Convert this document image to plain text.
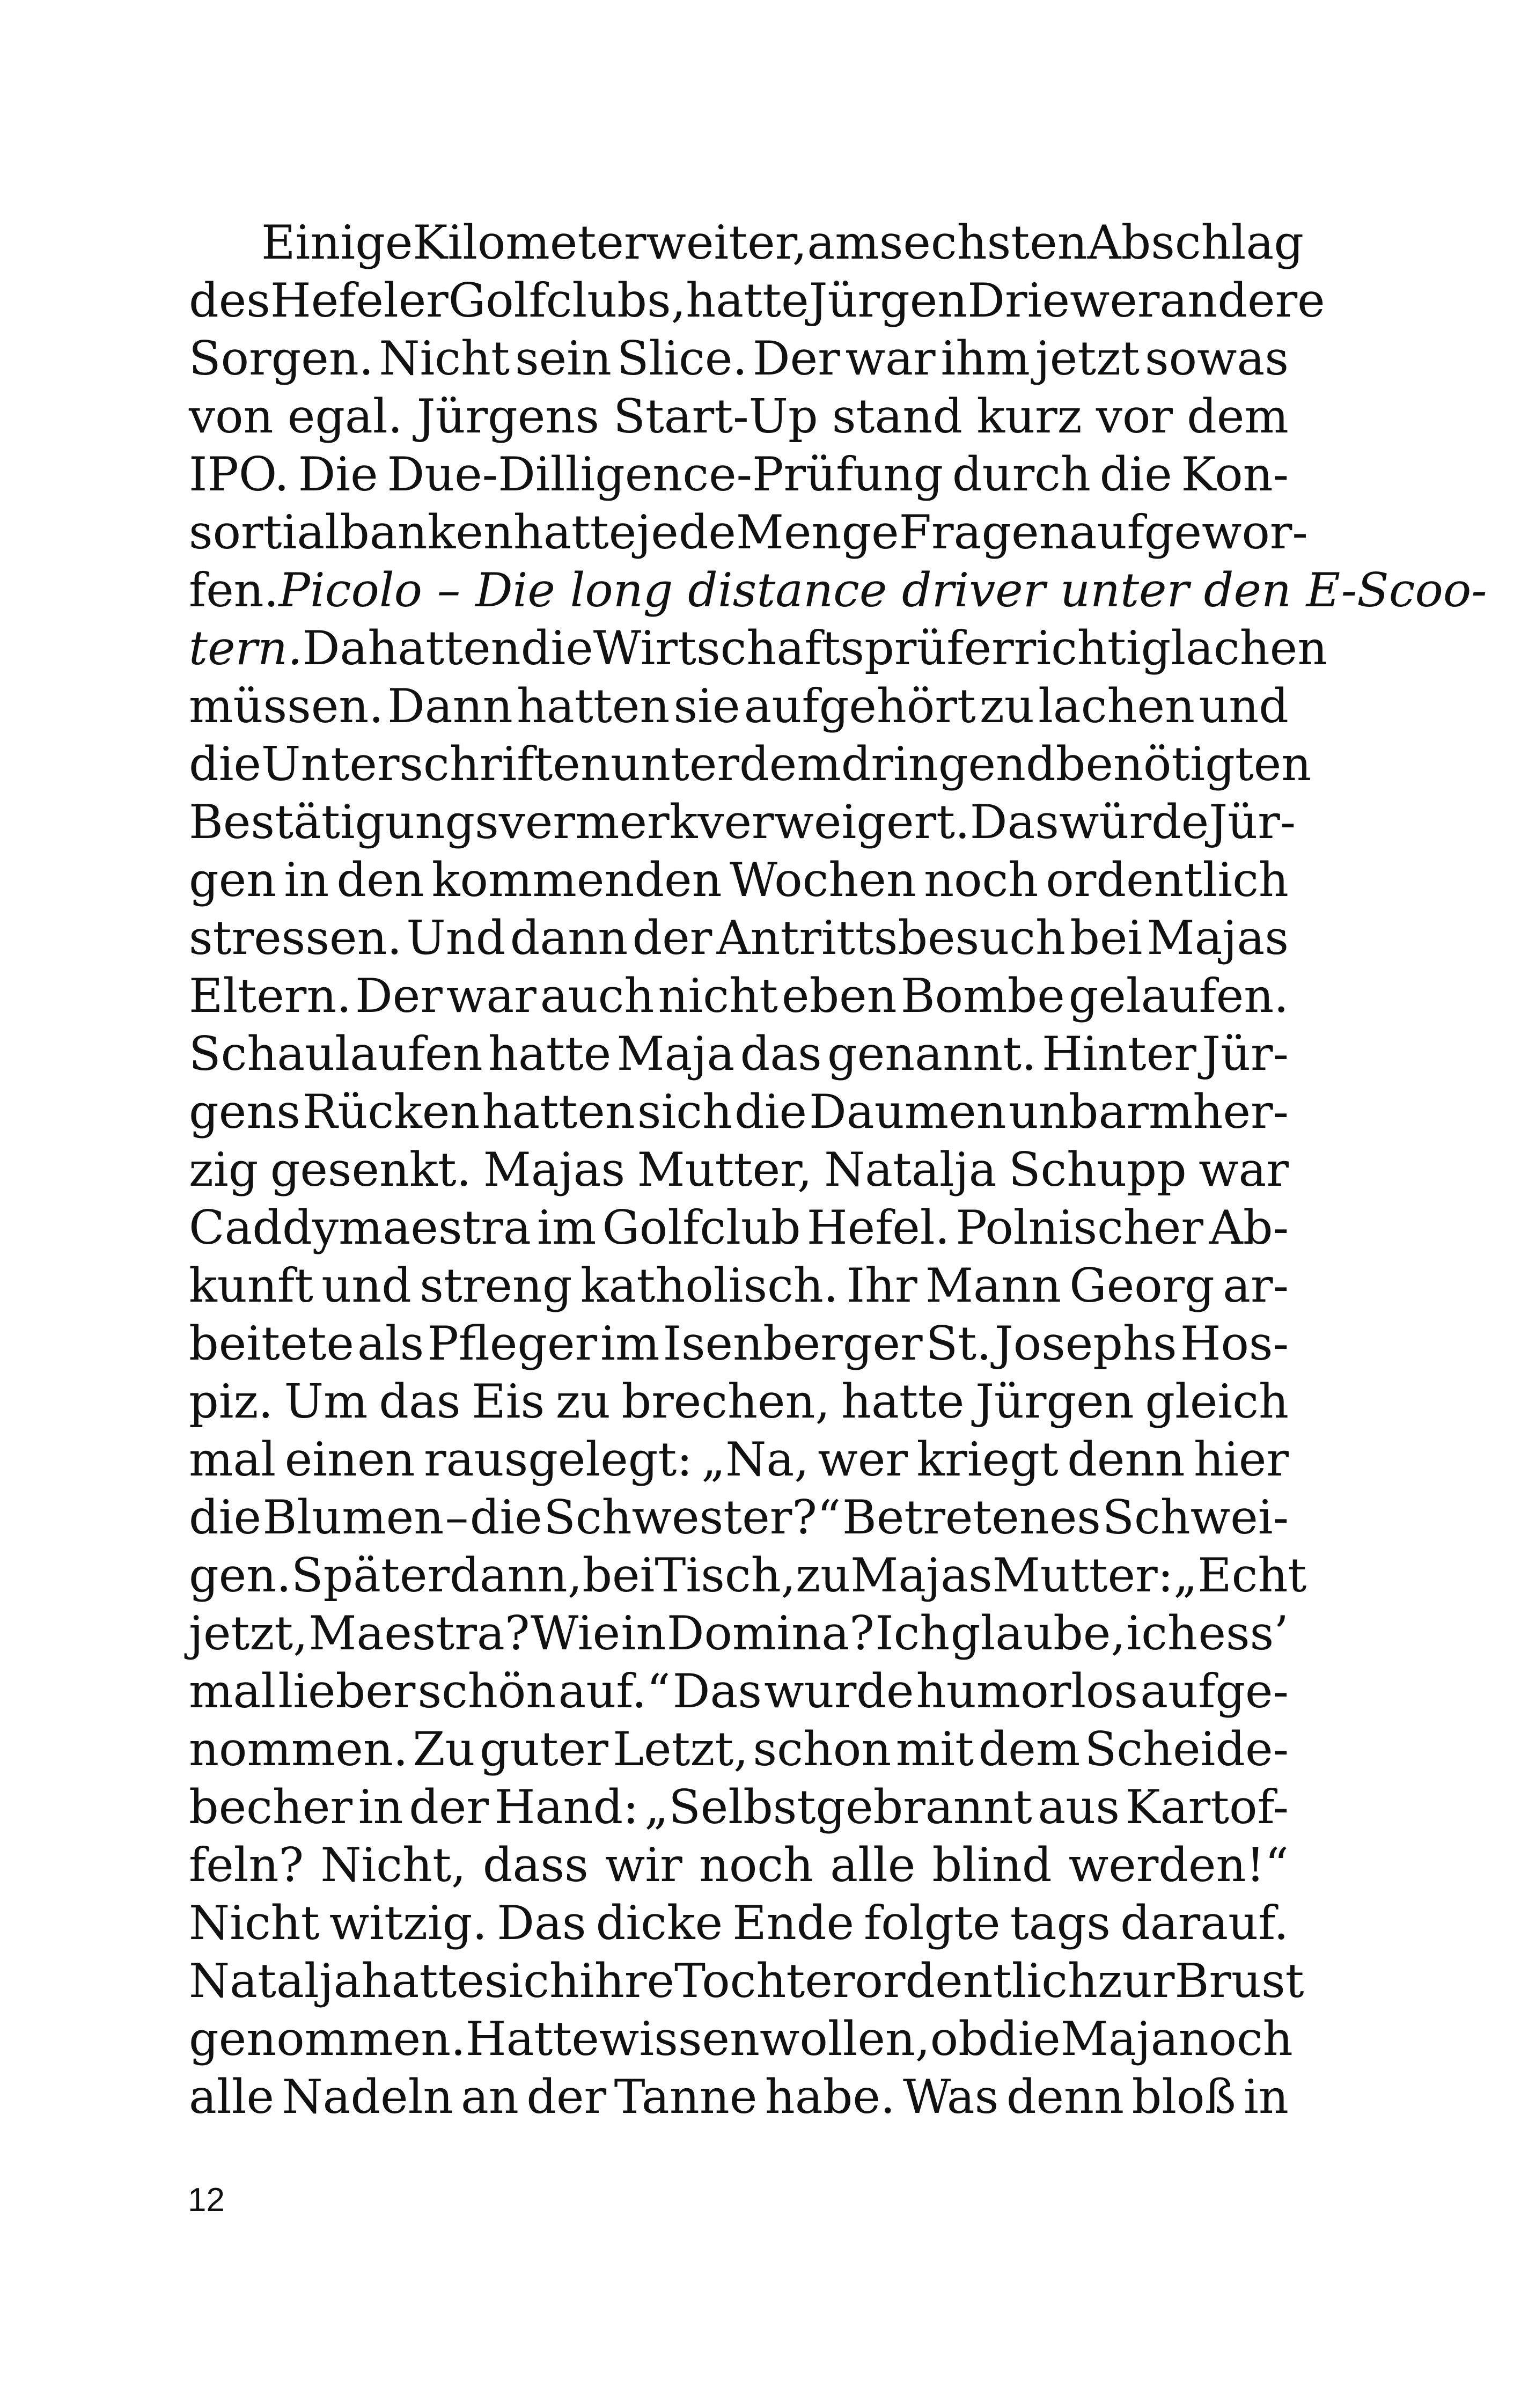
Einige Kilometer weiter, am sechsten Abschlag
des Hefeler Golfclubs, hatte Jürgen Driewer andere
Sorgen. Nicht sein Slice. Der war ihm jetzt sowas
von egal. Jürgens Start-Up stand kurz vor dem
IPO. Die Due-Dilligence-Prüfung durch die Kon-
sortialbanken hatte jede Menge Fragen aufgewor-
fen. Picolo – Die long distance driver unter den E-Scoo-
tern. Da hatten die Wirtschaftsprüfer richtig lachen
müssen. Dann hatten sie aufgehört zu lachen und
die Unterschriften unter dem dringend benötigten
Bestätigungsvermerk verweigert. Das würde Jür-
gen in den kommenden Wochen noch ordentlich
stressen. Und dann der Antrittsbesuch bei Majas
Eltern. Der war auch nicht eben Bombe gelaufen.
Schaulaufen hatte Maja das genannt. Hinter Jür-
gens Rücken hatten sich die Daumen unbarmher-
zig gesenkt. Majas Mutter, Natalja Schupp war
Caddymaestra im Golfclub Hefel. Polnischer Ab-
kunft und streng katholisch. Ihr Mann Georg ar-
beitete als Pfleger im Isenberger St. Josephs Hos-
piz. Um das Eis zu brechen, hatte Jürgen gleich
mal einen rausgelegt: „Na, wer kriegt denn hier
die Blumen – die Schwester?“ Betretenes Schwei-
gen. Später dann, bei Tisch, zu Majas Mutter: „Echt
jetzt, Maestra? Wie in Domina? Ich glaube, ich ess’
mal lieber schön auf.“ Das wurde humorlos aufge-
nommen. Zu guter Letzt, schon mit dem Scheide-
becher in der Hand: „Selbstgebrannt aus Kartof-
feln? Nicht, dass wir noch alle blind werden!“
Nicht witzig. Das dicke Ende folgte tags darauf.
Natalja hatte sich ihre Tochter ordentlich zur Brust
genommen. Hatte wissen wollen, ob die Maja noch
alle Nadeln an der Tanne habe. Was denn bloß in
12
